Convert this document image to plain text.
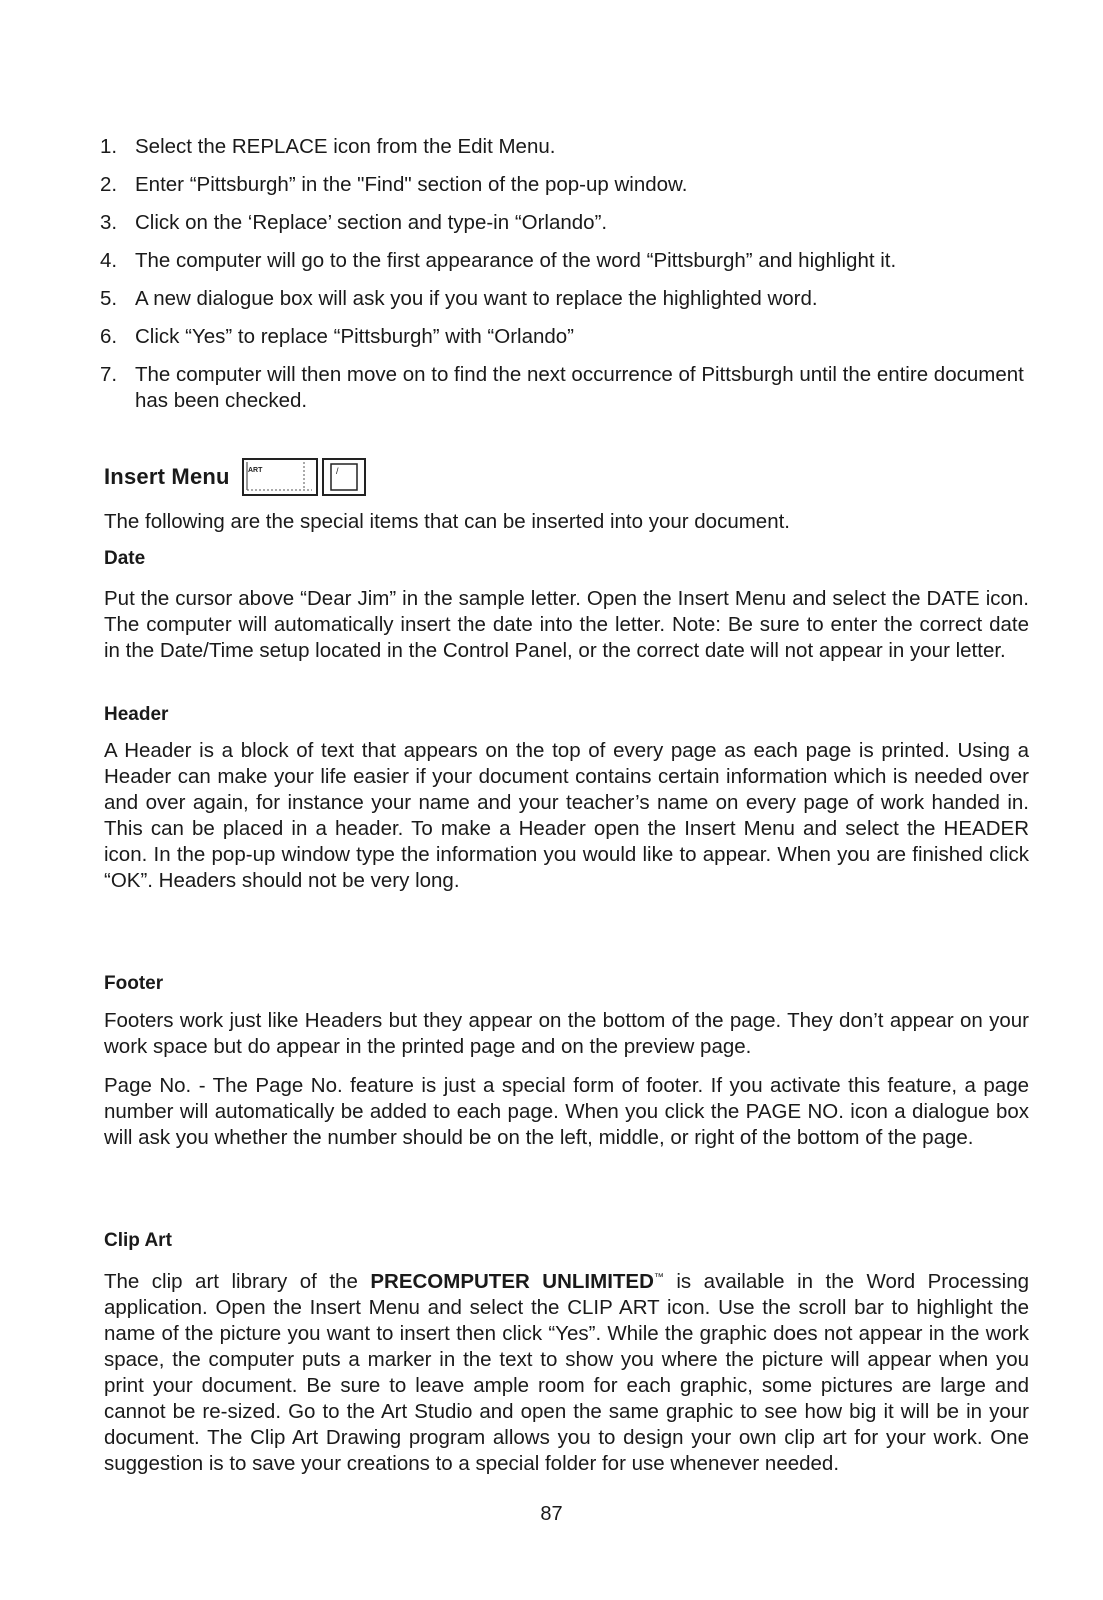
1. Select the REPLACE icon from the Edit Menu.
2. Enter “Pittsburgh” in the "Find" section of the pop-up window.
3. Click on the ‘Replace’ section and type-in “Orlando”.
4. The computer will go to the first appearance of the word “Pittsburgh” and highlight it.
5. A new dialogue box will ask you if you want to replace the highlighted word.
6. Click “Yes” to replace “Pittsburgh” with “Orlando”
7. The computer will then move on to find the next occurrence of Pittsburgh until the entire document has been checked.
Insert Menu	ART	/

The following are the special items that can be inserted into your document.

Date

Put the cursor above “Dear Jim” in the sample letter. Open the Insert Menu and select the DATE icon. The computer will automatically insert the date into the letter. Note: Be sure to enter the correct date in the Date/Time setup located in the Control Panel, or the correct date will not appear in your letter.

Header

A Header is a block of text that appears on the top of every page as each page is printed. Using a Header can make your life easier if your document contains certain information which is needed over and over again, for instance your name and your teacher’s name on every page of work handed in. This can be placed in a header. To make a Header open the Insert Menu and select the HEADER icon. In the pop-up window type the information you would like to appear. When you are finished click “OK”. Headers should not be very long.

Footer

Footers work just like Headers but they appear on the bottom of the page. They don’t appear on your work space but do appear in the printed page and on the preview page.

Page No. - The Page No. feature is just a special form of footer. If you activate this feature, a page number will automatically be added to each page. When you click the PAGE NO. icon a dialogue box will ask you whether the number should be on the left, middle, or right of the bottom of the page.

Clip Art

The clip art library of the PRECOMPUTER UNLIMITED™ is available in the Word Processing application. Open the Insert Menu and select the CLIP ART icon. Use the scroll bar to highlight the name of the picture you want to insert then click “Yes”. While the graphic does not appear in the work space, the computer puts a marker in the text to show you where the picture will appear when you print your document. Be sure to leave ample room for each graphic, some pictures are large and cannot be re-sized. Go to the Art Studio and open the same graphic to see how big it will be in your document. The Clip Art Drawing program allows you to design your own clip art for your work. One suggestion is to save your creations to a special folder for use whenever needed.

87
